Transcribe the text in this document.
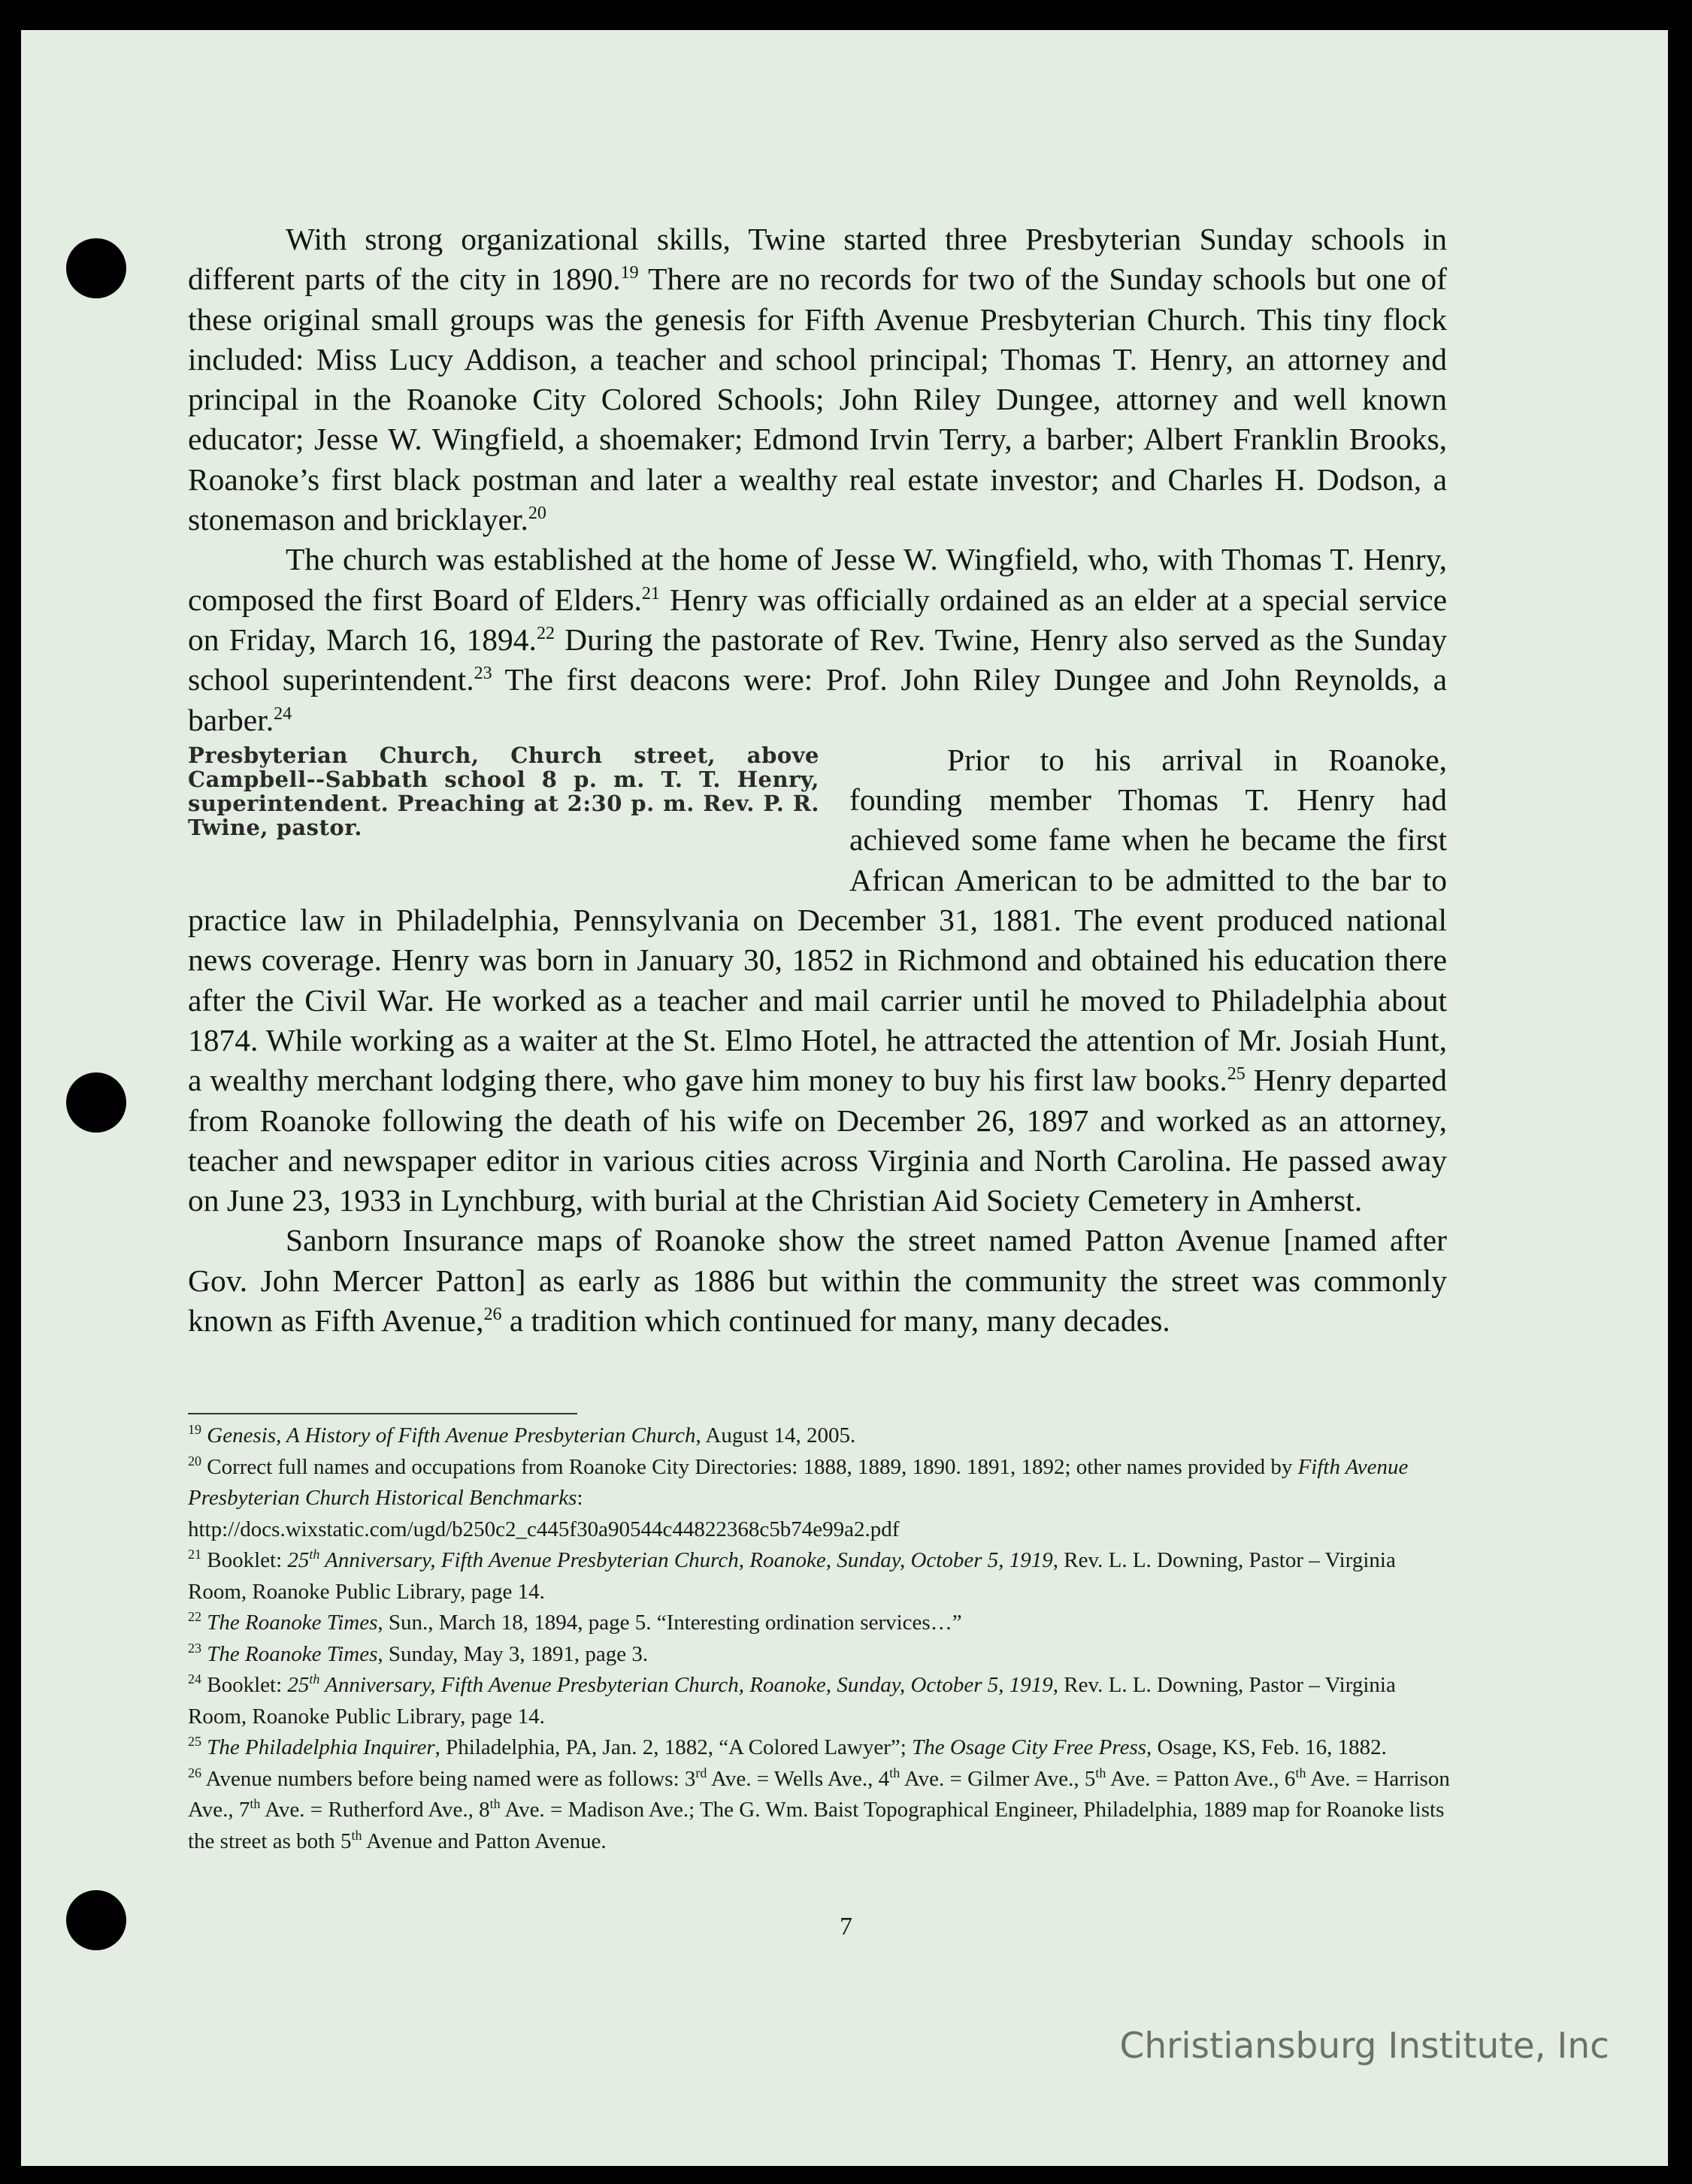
With strong organizational skills, Twine started three Presbyterian Sunday schools in different parts of the city in 1890.19 There are no records for two of the Sunday schools but one of these original small groups was the genesis for Fifth Avenue Presbyterian Church. This tiny flock included: Miss Lucy Addison, a teacher and school principal; Thomas T. Henry, an attorney and principal in the Roanoke City Colored Schools; John Riley Dungee, attorney and well known educator; Jesse W. Wingfield, a shoemaker; Edmond Irvin Terry, a barber; Albert Franklin Brooks, Roanoke’s first black postman and later a wealthy real estate investor; and Charles H. Dodson, a stonemason and bricklayer.$^{20}$

The church was established at the home of Jesse W. Wingfield, who, with Thomas T. Henry, composed the first Board of Elders.$^{21}$ Henry was officially ordained as an elder at a special service on Friday, March 16, 1894.22 During the pastorate of Rev. Twine, Henry also served as the Sunday school superintendent.$^{23}$ The first deacons were: Prof. John Riley Dungee and John Reynolds, a barber.$^{24}$

Presbyterian Church, Church street, above Campbell--Sabbath school 8 p. m. T. T. Henry, superintendent. Preaching at 2:30 p. m. Rev. P. R. Twine, pastor.
Prior to his arrival in Roanoke, founding member Thomas T. Henry had achieved some fame when he became the first African American to be admitted to the bar to practice law in Philadelphia, Pennsylvania on December 31, 1881. The event produced national news coverage. Henry was born in January 30, 1852 in Richmond and obtained his education there after the Civil War. He worked as a teacher and mail carrier until he moved to Philadelphia about 1874. While working as a waiter at the St. Elmo Hotel, he attracted the attention of Mr. Josiah Hunt, a wealthy merchant lodging there, who gave him money to buy his first law books.$^{25}$ Henry departed from Roanoke following the death of his wife on December 26, 1897 and worked as an attorney, teacher and newspaper editor in various cities across Virginia and North Carolina. He passed away on June 23, 1933 in Lynchburg, with burial at the Christian Aid Society Cemetery in Amherst.

Sanborn Insurance maps of Roanoke show the street named Patton Avenue [named after Gov. John Mercer Patton] as early as 1886 but within the community the street was commonly known as Fifth Avenue,$^{26}$ a tradition which continued for many, many decades.

$^{19}$ Genesis, A History of Fifth Avenue Presbyterian Church, August 14, 2005.

$^{20}$ Correct full names and occupations from Roanoke City Directories: 1888, 1889, 1890. 1891, 1892; other names provided by Fifth Avenue Presbyterian Church Historical Benchmarks:
http://docs.wixstatic.com/ugd/b250c2_c445f30a90544c44822368c5b74e99a2.pdf

$^{21}$ Booklet: 25th Anniversary, Fifth Avenue Presbyterian Church, Roanoke, Sunday, October 5, 1919, Rev. L. L. Downing, Pastor – Virginia Room, Roanoke Public Library, page 14.

$^{22}$ The Roanoke Times, Sun., March 18, 1894, page 5. “Interesting ordination services…”

$^{23}$ The Roanoke Times, Sunday, May 3, 1891, page 3.

$^{24}$ Booklet: 25th Anniversary, Fifth Avenue Presbyterian Church, Roanoke, Sunday, October 5, 1919, Rev. L. L. Downing, Pastor – Virginia Room, Roanoke Public Library, page 14.

$^{25}$ The Philadelphia Inquirer, Philadelphia, PA, Jan. 2, 1882, “A Colored Lawyer”; The Osage City Free Press, Osage, KS, Feb. 16, 1882.

$^{26}$ Avenue numbers before being named were as follows: 3rd Ave. = Wells Ave., 4th Ave. = Gilmer Ave., 5th Ave. = Patton Ave., 6th Ave. = Harrison Ave., 7th Ave. = Rutherford Ave., 8th Ave. = Madison Ave.; The G. Wm. Baist Topographical Engineer, Philadelphia, 1889 map for Roanoke lists the street as both 5th Avenue and Patton Avenue.

7
Christiansburg Institute, Inc
